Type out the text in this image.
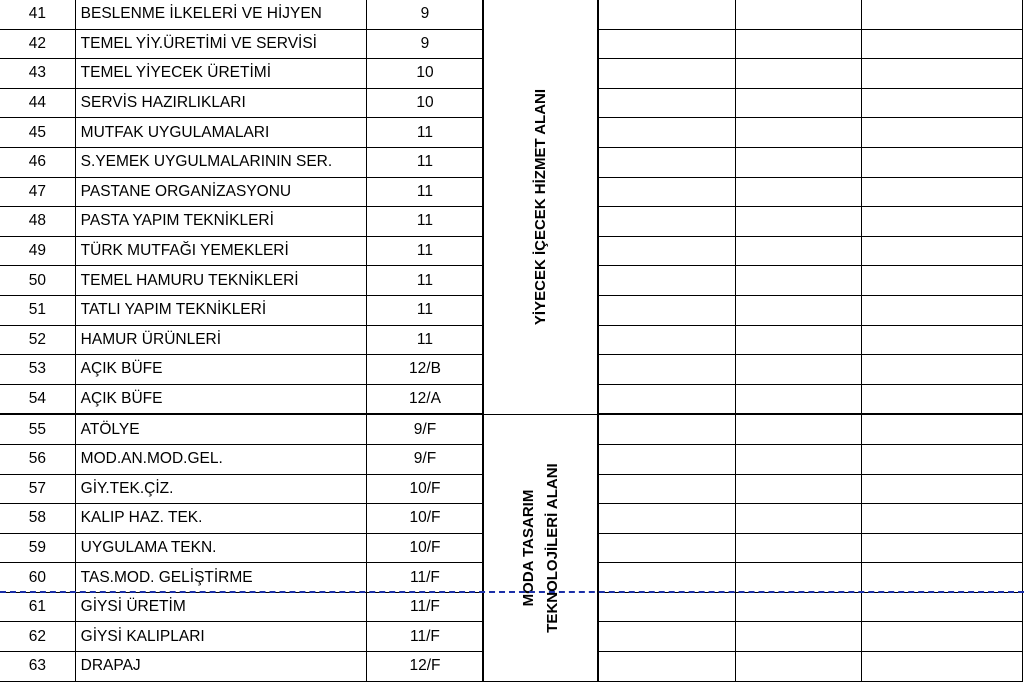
41	BESLENME İLKELERİ VE HİJYEN	9	YİYECEK İÇECEK HİZMET ALANI			

42	TEMEL YİY.ÜRETİMİ VE SERVİSİ	9				
43	TEMEL YİYECEK ÜRETİMİ	10				
44	SERVİS HAZIRLIKLARI	10				
45	MUTFAK UYGULAMALARI	11				
46	S.YEMEK UYGULMALARININ SER.	11				
47	PASTANE ORGANİZASYONU	11				
48	PASTA YAPIM TEKNİKLERİ	11				
49	TÜRK MUTFAĞI YEMEKLERİ	11				
50	TEMEL HAMURU TEKNİKLERİ	11				
51	TATLI YAPIM TEKNİKLERİ	11				
52	HAMUR ÜRÜNLERİ	11				
53	AÇIK BÜFE	12/B				
54	AÇIK BÜFE	12/A				
55	ATÖLYE	9/F	MODA TASARIM TEKNOLOJİLERİ ALANI			

56	MOD.AN.MOD.GEL.	9/F				
57	GİY.TEK.ÇİZ.	10/F				
58	KALIP HAZ. TEK.	10/F				
59	UYGULAMA TEKN.	10/F				
60	TAS.MOD. GELİŞTİRME	11/F				
61	GİYSİ ÜRETİM	11/F				
62	GİYSİ KALIPLARI	11/F				
63	DRAPAJ	12/F				
